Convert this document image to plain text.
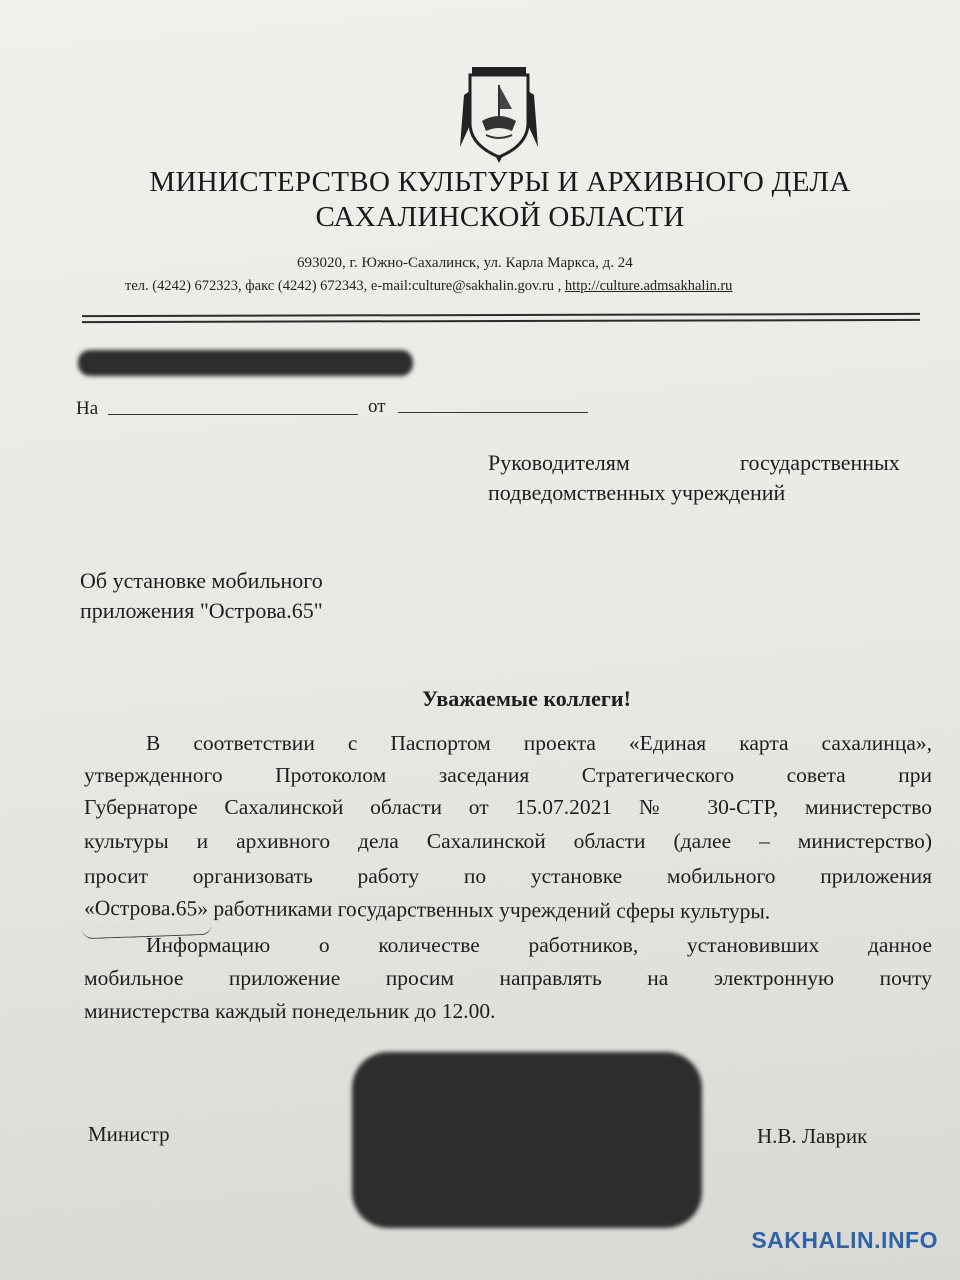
МИНИСТЕРСТВО КУЛЬТУРЫ И АРХИВНОГО ДЕЛА
САХАЛИНСКОЙ ОБЛАСТИ
693020, г. Южно-Сахалинск, ул. Карла Маркса, д. 24
тел. (4242) 672323, факс (4242) 672343, e-mail:culture@sakhalin.gov.ru , http://culture.admsakhalin.ru
На	от
Руководителям	государственных
подведомственных учреждений
Об установке мобильного
приложения "Острова.65"
Уважаемые коллеги!
В соответствии с Паспортом проекта «Единая карта сахалинца»,
утвержденного Протоколом заседания Стратегического совета при
Губернаторе Сахалинской области от 15.07.2021 № 30-СТР, министерство
культуры и архивного дела Сахалинской области (далее – министерство)
просит организовать работу по установке мобильного приложения
«Острова.65» работниками государственных учреждений сферы культуры.
Информацию о количестве работников, установивших данное
мобильное приложение просим направлять на электронную почту
министерства каждый понедельник до 12.00.
Министр	Н.В. Лаврик
SAKHALIN.INFO
